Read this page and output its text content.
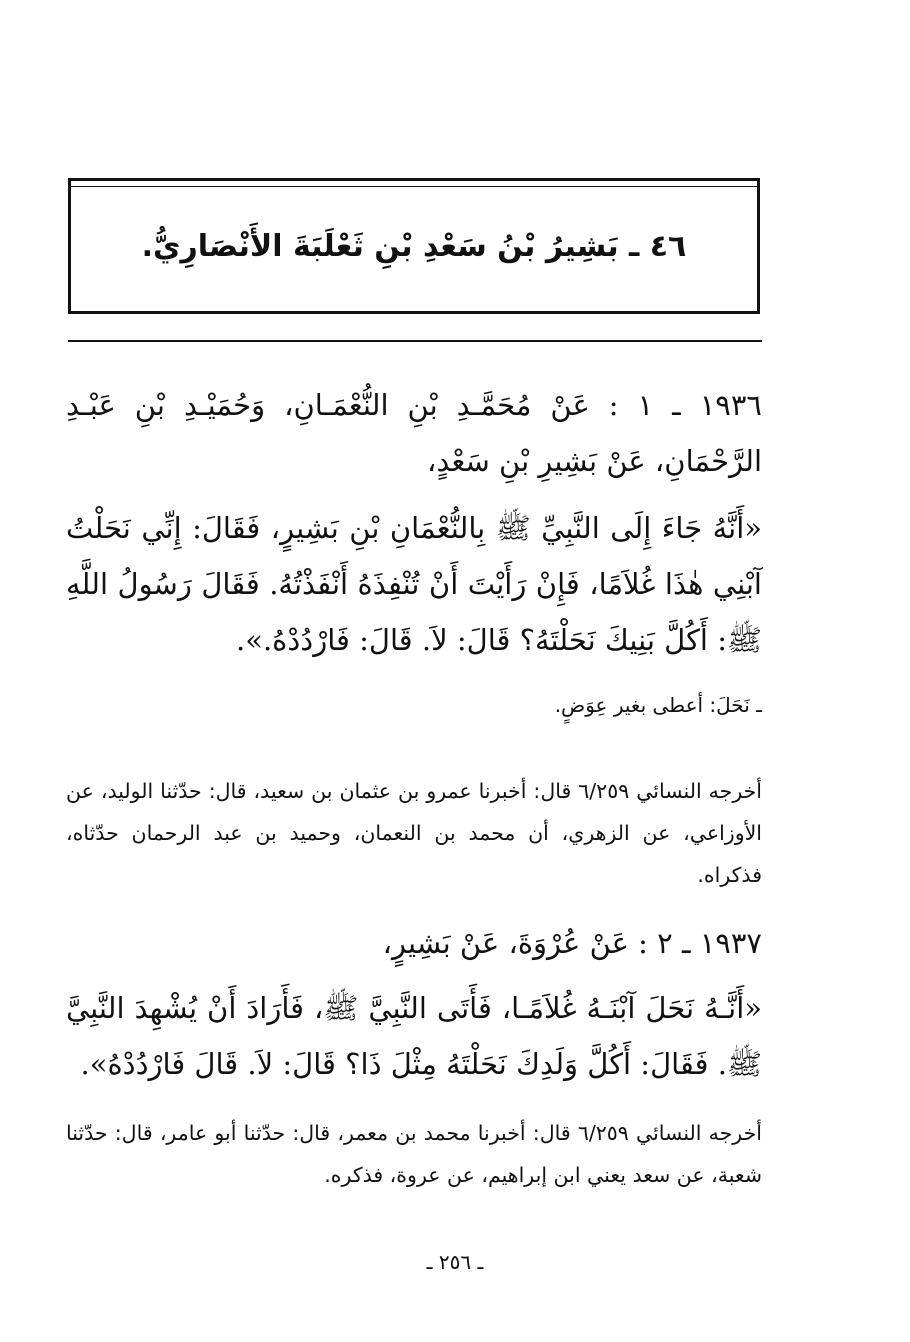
٤٦ ـ بَشِيرُ بْنُ سَعْدِ بْنِ ثَعْلَبَةَ الأَنْصَارِيُّ.

١٩٣٦ ـ ١ : عَنْ مُحَمَّـدِ بْنِ النُّعْمَـانِ، وَحُمَيْـدِ بْنِ عَبْـدِ الرَّحْمَانِ، عَنْ بَشِيرِ بْنِ سَعْدٍ،

«أَنَّهُ جَاءَ إِلَى النَّبِيِّ ﷺ بِالنُّعْمَانِ بْنِ بَشِيرٍ، فَقَالَ: إِنِّي نَحَلْتُ آبْنِي هٰذَا غُلاَمًا، فَإِنْ رَأَيْتَ أَنْ تُنْفِذَهُ أَنْفَذْتُهُ. فَقَالَ رَسُولُ اللَّهِ ﷺ: أَكُلَّ بَنِيكَ نَحَلْتَهُ؟ قَالَ: لاَ. قَالَ: فَارْدُدْهُ.».

ـ نَحَلَ: أعطى بغير عِوَضٍ.

أخرجه النسائي ٦/٢٥٩ قال: أخبرنا عمرو بن عثمان بن سعيد، قال: حدّثنا الوليد، عن الأوزاعي، عن الزهري، أن محمد بن النعمان، وحميد بن عبد الرحمان حدّثاه، فذكراه.

١٩٣٧ ـ ٢ : عَنْ عُرْوَةَ، عَنْ بَشِيرٍ،

«أَنَّـهُ نَحَلَ آبْنَـهُ غُلاَمًـا، فَأَتَى النَّبِيَّ ﷺ، فَأَرَادَ أَنْ يُشْهِدَ النَّبِيَّ ﷺ. فَقَالَ: أَكُلَّ وَلَدِكَ نَحَلْتَهُ مِثْلَ ذَا؟ قَالَ: لاَ. قَالَ فَارْدُدْهُ».

أخرجه النسائي ٦/٢٥٩ قال: أخبرنا محمد بن معمر، قال: حدّثنا أبو عامر، قال: حدّثنا شعبة، عن سعد يعني ابن إبراهيم، عن عروة، فذكره.

ـ ٢٥٦ ـ
